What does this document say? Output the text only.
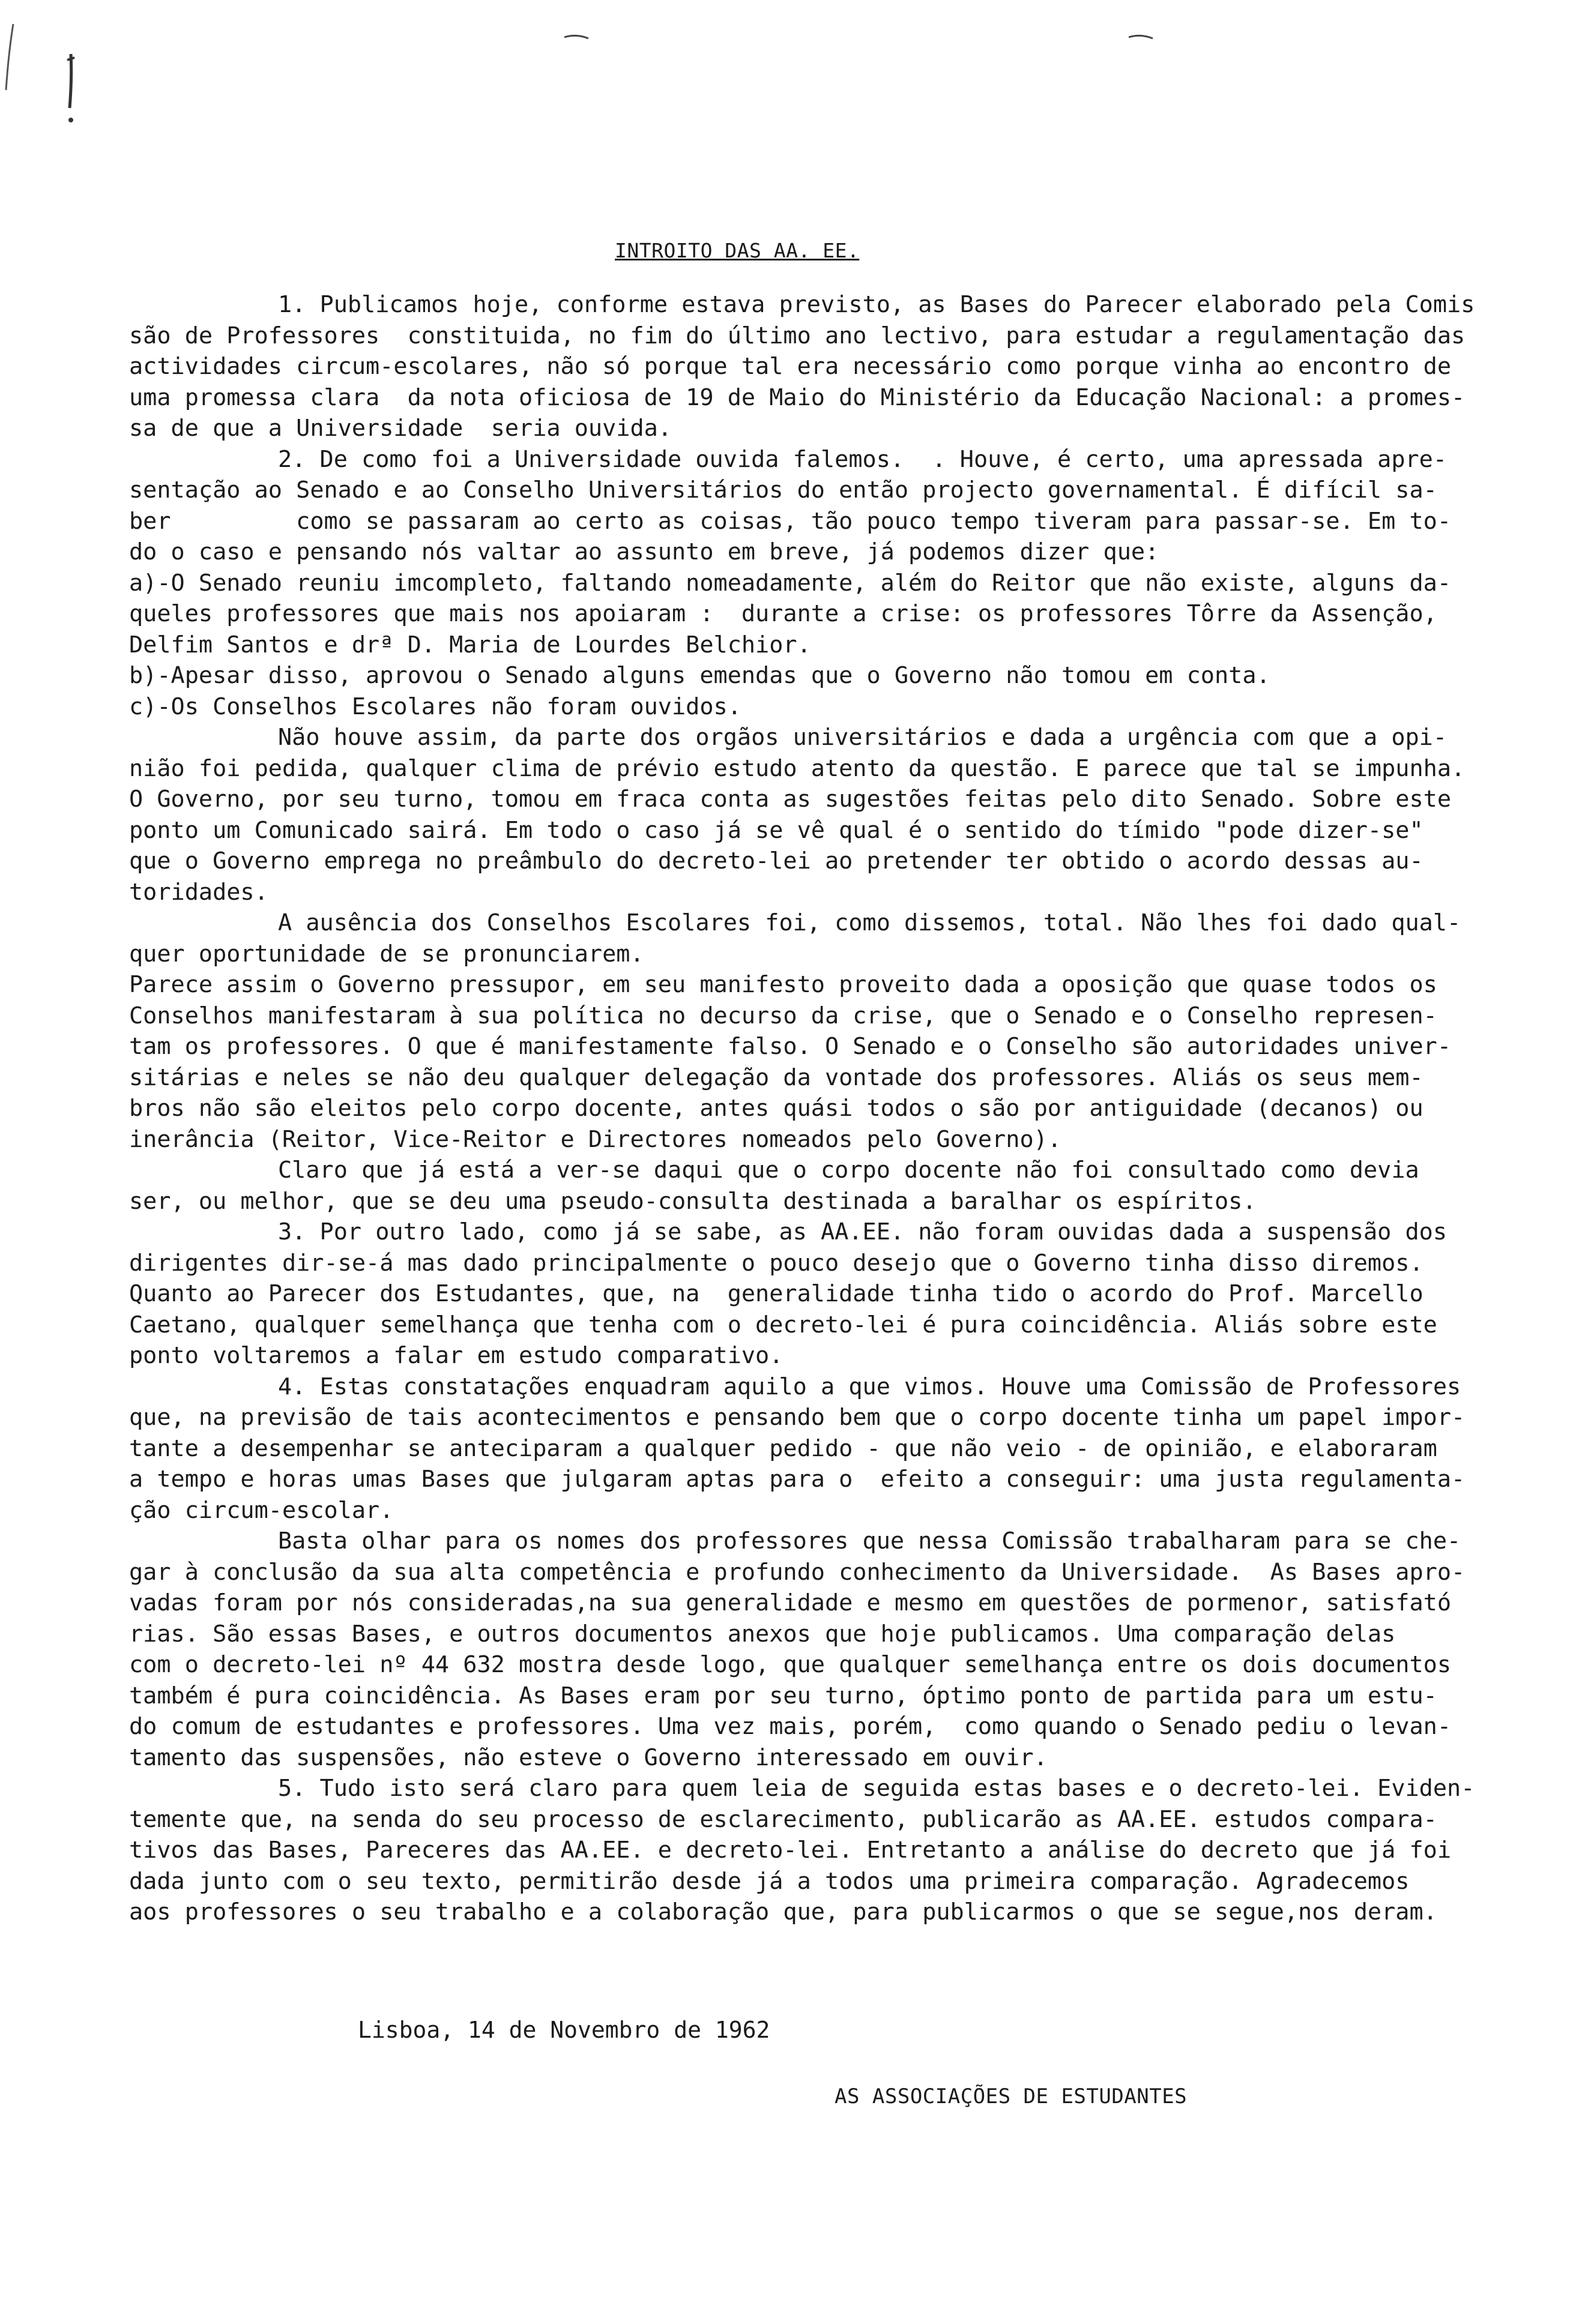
INTROITO DAS AA. EE.
1. Publicamos hoje, conforme estava previsto, as Bases do Parecer elaborado pela Comis
são de Professores  constituida, no fim do último ano lectivo, para estudar a regulamentação das
actividades circum-escolares, não só porque tal era necessário como porque vinha ao encontro de
uma promessa clara  da nota oficiosa de 19 de Maio do Ministério da Educação Nacional: a promes-
sa de que a Universidade  seria ouvida.
2. De como foi a Universidade ouvida falemos.  . Houve, é certo, uma apressada apre-
sentação ao Senado e ao Conselho Universitários do então projecto governamental. É difícil sa-
ber         como se passaram ao certo as coisas, tão pouco tempo tiveram para passar-se. Em to-
do o caso e pensando nós valtar ao assunto em breve, já podemos dizer que:
a)-O Senado reuniu imcompleto, faltando nomeadamente, além do Reitor que não existe, alguns da-
queles professores que mais nos apoiaram :  durante a crise: os professores Tôrre da Assenção,
Delfim Santos e drª D. Maria de Lourdes Belchior.
b)-Apesar disso, aprovou o Senado alguns emendas que o Governo não tomou em conta.
c)-Os Conselhos Escolares não foram ouvidos.
Não houve assim, da parte dos orgãos universitários e dada a urgência com que a opi-
nião foi pedida, qualquer clima de prévio estudo atento da questão. E parece que tal se impunha.
O Governo, por seu turno, tomou em fraca conta as sugestões feitas pelo dito Senado. Sobre este
ponto um Comunicado sairá. Em todo o caso já se vê qual é o sentido do tímido "pode dizer-se"
que o Governo emprega no preâmbulo do decreto-lei ao pretender ter obtido o acordo dessas au-
toridades.
A ausência dos Conselhos Escolares foi, como dissemos, total. Não lhes foi dado qual-
quer oportunidade de se pronunciarem.
Parece assim o Governo pressupor, em seu manifesto proveito dada a oposição que quase todos os
Conselhos manifestaram à sua política no decurso da crise, que o Senado e o Conselho represen-
tam os professores. O que é manifestamente falso. O Senado e o Conselho são autoridades univer-
sitárias e neles se não deu qualquer delegação da vontade dos professores. Aliás os seus mem-
bros não são eleitos pelo corpo docente, antes quási todos o são por antiguidade (decanos) ou
inerância (Reitor, Vice-Reitor e Directores nomeados pelo Governo).
Claro que já está a ver-se daqui que o corpo docente não foi consultado como devia
ser, ou melhor, que se deu uma pseudo-consulta destinada a baralhar os espíritos.
3. Por outro lado, como já se sabe, as AA.EE. não foram ouvidas dada a suspensão dos
dirigentes dir-se-á mas dado principalmente o pouco desejo que o Governo tinha disso diremos.
Quanto ao Parecer dos Estudantes, que, na  generalidade tinha tido o acordo do Prof. Marcello
Caetano, qualquer semelhança que tenha com o decreto-lei é pura coincidência. Aliás sobre este
ponto voltaremos a falar em estudo comparativo.
4. Estas constatações enquadram aquilo a que vimos. Houve uma Comissão de Professores
que, na previsão de tais acontecimentos e pensando bem que o corpo docente tinha um papel impor-
tante a desempenhar se anteciparam a qualquer pedido - que não veio - de opinião, e elaboraram
a tempo e horas umas Bases que julgaram aptas para o  efeito a conseguir: uma justa regulamenta-
ção circum-escolar.
Basta olhar para os nomes dos professores que nessa Comissão trabalharam para se che-
gar à conclusão da sua alta competência e profundo conhecimento da Universidade.  As Bases apro-
vadas foram por nós consideradas,na sua generalidade e mesmo em questões de pormenor, satisfató
rias. São essas Bases, e outros documentos anexos que hoje publicamos. Uma comparação delas
com o decreto-lei nº 44 632 mostra desde logo, que qualquer semelhança entre os dois documentos
também é pura coincidência. As Bases eram por seu turno, óptimo ponto de partida para um estu-
do comum de estudantes e professores. Uma vez mais, porém,  como quando o Senado pediu o levan-
tamento das suspensões, não esteve o Governo interessado em ouvir.
5. Tudo isto será claro para quem leia de seguida estas bases e o decreto-lei. Eviden-
temente que, na senda do seu processo de esclarecimento, publicarão as AA.EE. estudos compara-
tivos das Bases, Pareceres das AA.EE. e decreto-lei. Entretanto a análise do decreto que já foi
dada junto com o seu texto, permitirão desde já a todos uma primeira comparação. Agradecemos
aos professores o seu trabalho e a colaboração que, para publicarmos o que se segue,nos deram.
Lisboa, 14 de Novembro de 1962
AS ASSOCIAÇÕES DE ESTUDANTES
